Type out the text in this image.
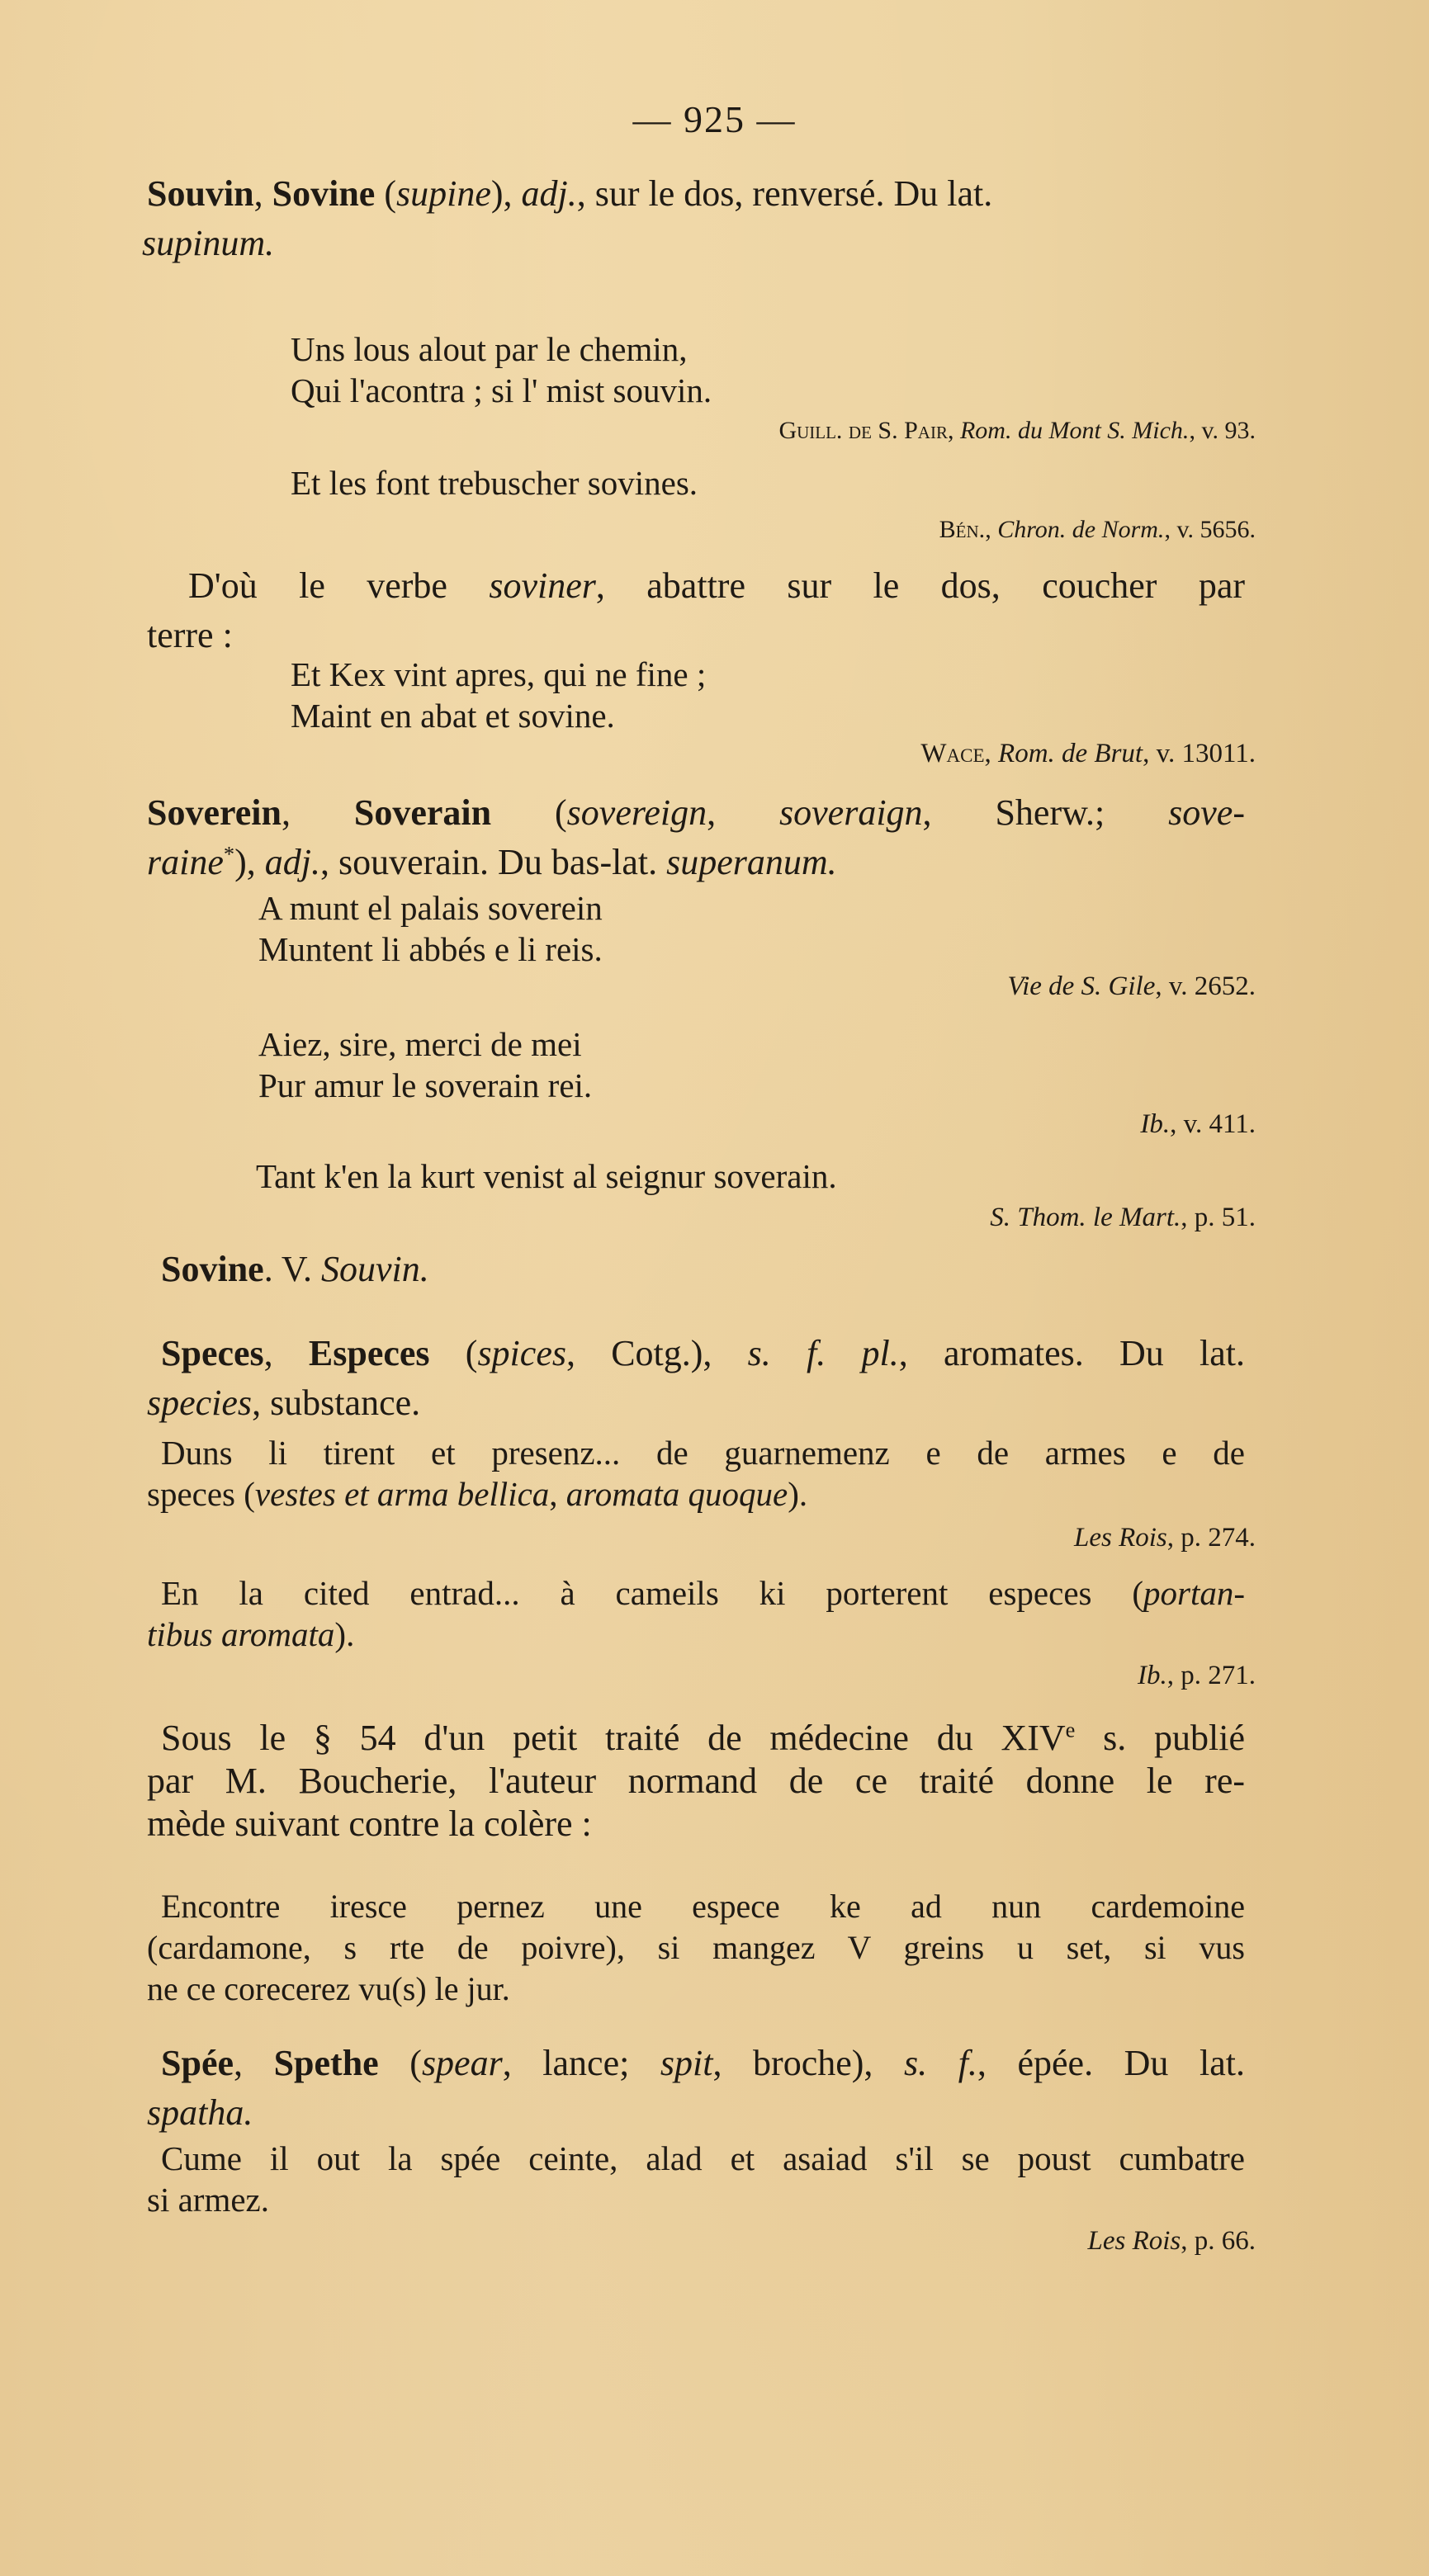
— 925 —
Souvin, Sovine (supine), adj., sur le dos, renversé. Du lat.
supinum.
Uns lous alout par le chemin,
Qui l'acontra ; si l' mist souvin.
Guill. de S. Pair, Rom. du Mont S. Mich., v. 93.
Et les font trebuscher sovines.
Bén., Chron. de Norm., v. 5656.
D'où le verbe soviner, abattre sur le dos, coucher par
terre :
Et Kex vint apres, qui ne fine ;
Maint en abat et sovine.
Wace, Rom. de Brut, v. 13011.
Soverein, Soverain (sovereign, soveraign, Sherw.; sove-
raine*), adj., souverain. Du bas-lat. superanum.
A munt el palais soverein
Muntent li abbés e li reis.
Vie de S. Gile, v. 2652.
Aiez, sire, merci de mei
Pur amur le soverain rei.
Ib., v. 411.
Tant k'en la kurt venist al seignur soverain.
S. Thom. le Mart., p. 51.
Sovine. V. Souvin.
Speces, Especes (spices, Cotg.), s. f. pl., aromates. Du lat.
species, substance.
Duns li tirent et presenz... de guarnemenz e de armes e de
speces (vestes et arma bellica, aromata quoque).
Les Rois, p. 274.
En la cited entrad... à cameils ki porterent especes (portan-
tibus aromata).
Ib., p. 271.
Sous le § 54 d'un petit traité de médecine du XIVe s. publié
par M. Boucherie, l'auteur normand de ce traité donne le re-
mède suivant contre la colère :
Encontre iresce pernez une espece ke ad nun cardemoine
(cardamone, s rte de poivre), si mangez V greins u set, si vus
ne ce corecerez vu(s) le jur.
Spée, Spethe (spear, lance; spit, broche), s. f., épée. Du lat.
spatha.
Cume il out la spée ceinte, alad et asaiad s'il se poust cumbatre
si armez.
Les Rois, p. 66.
